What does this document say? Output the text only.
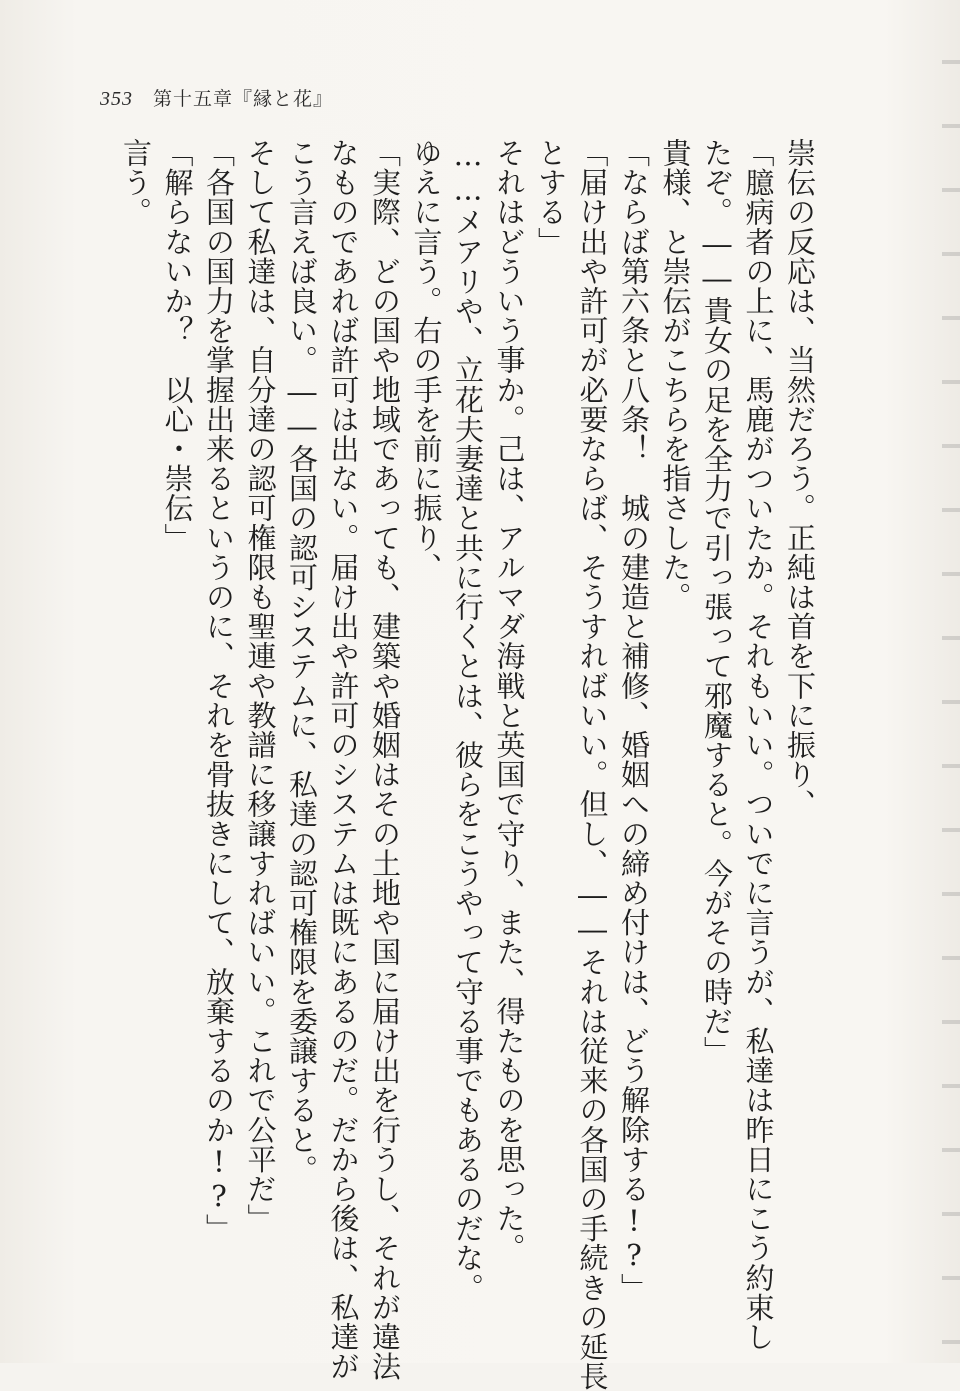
353 第十五章『縁と花』

崇伝の反応は、当然だろう。正純は首を下に振り、

「臆病者の上に、馬鹿がついたか。それもいい。ついでに言うが、私達は昨日にこう約束し

たぞ。――貴女の足を全力で引っ張って邪魔すると。今がその時だ」

貴様、と崇伝がこちらを指さした。

「ならば第六条と八条！　城の建造と補修、婚姻への締め付けは、どう解除する!?」

「届け出や許可が必要ならば、そうすればいい。但し、――それは従来の各国の手続きの延長

とする」

それはどういう事か。己は、アルマダ海戦と英国で守り、また、得たものを思った。

……メアリや、立花夫妻達と共に行くとは、彼らをこうやって守る事でもあるのだな。

ゆえに言う。右の手を前に振り、

「実際、どの国や地域であっても、建築や婚姻はその土地や国に届け出を行うし、それが違法

なものであれば許可は出ない。届け出や許可のシステムは既にあるのだ。だから後は、私達が

こう言えば良い。――各国の認可システムに、私達の認可権限を委譲すると。

そして私達は、自分達の認可権限も聖連や教譜に移譲すればいい。これで公平だ」

「各国の国力を掌握出来るというのに、それを骨抜きにして、放棄するのか!?」

「解らないか？　以心・崇伝」

言う。
